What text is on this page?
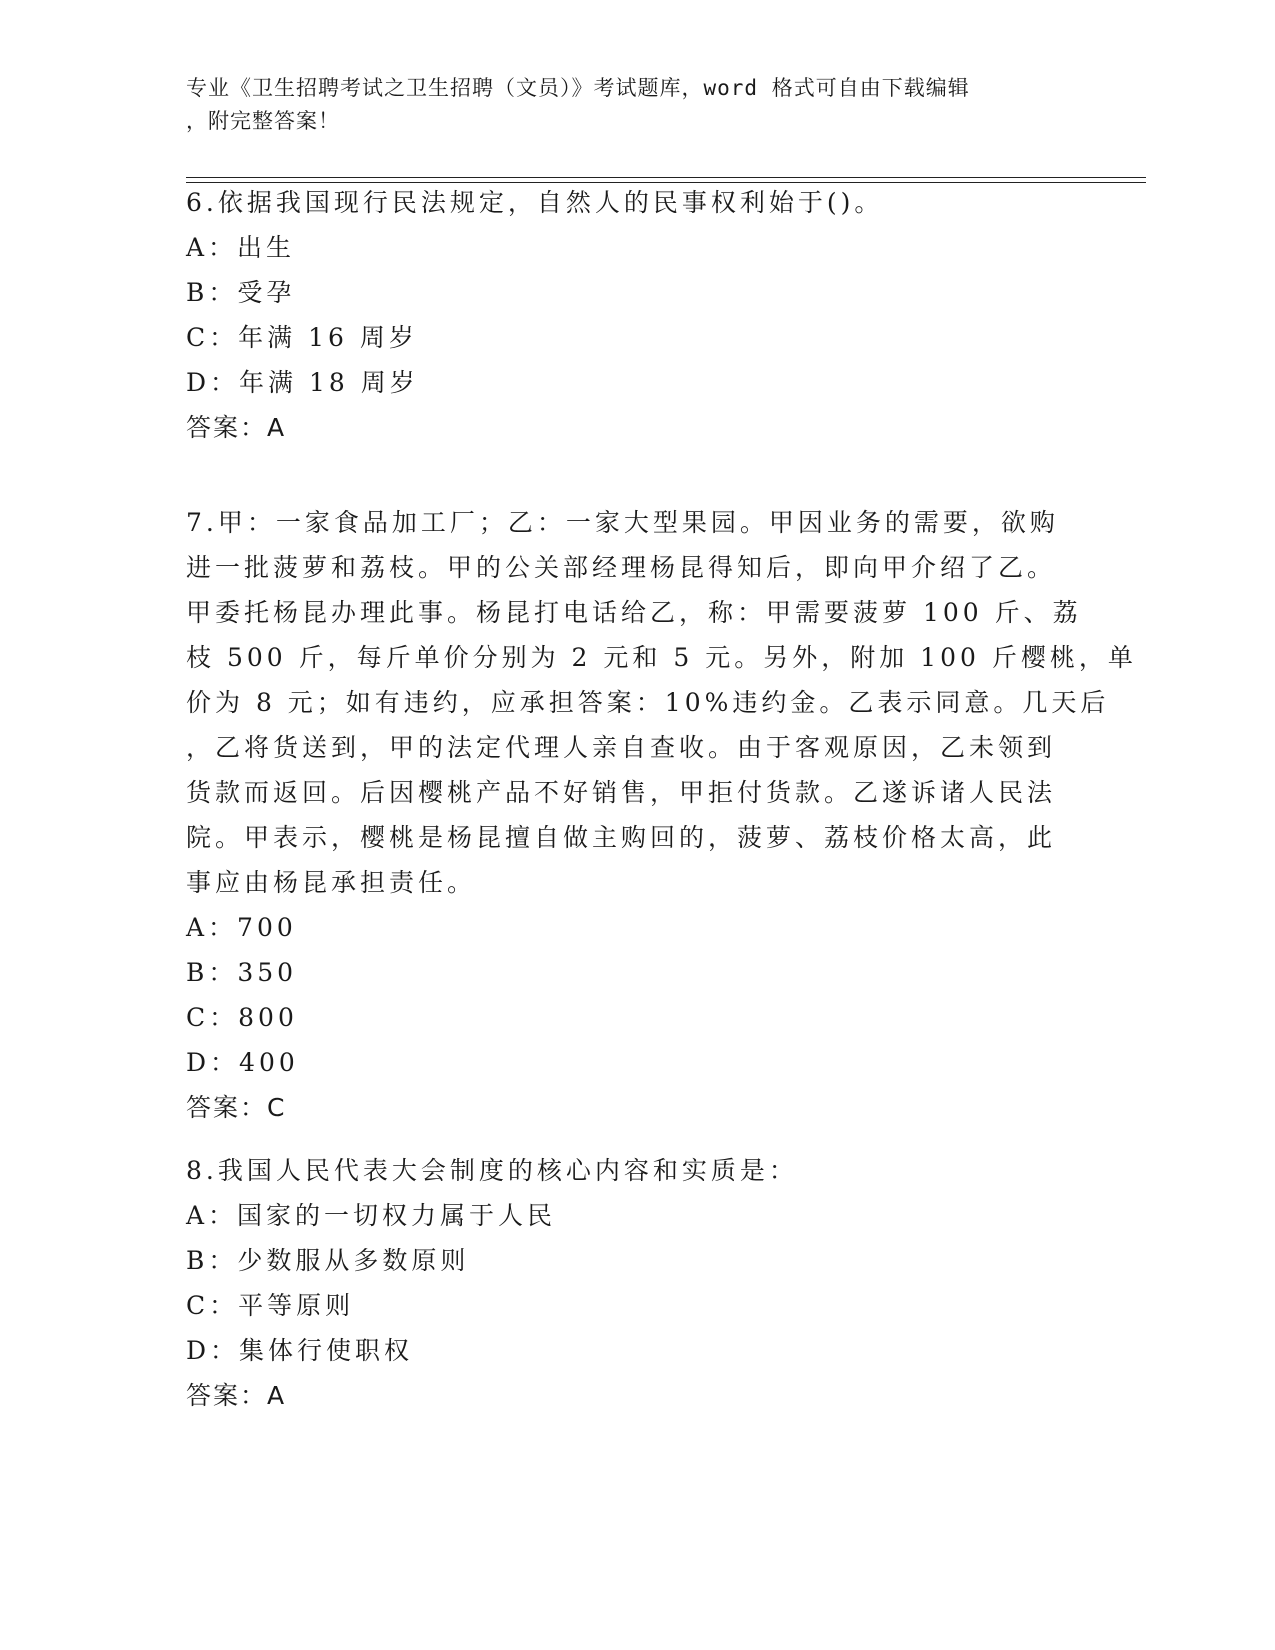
专业《卫生招聘考试之卫生招聘（文员）》考试题库，word 格式可自由下载编辑
，附完整答案！
6.依据我国现行民法规定，自然人的民事权利始于()。
A：出生
B：受孕
C：年满 16 周岁
D：年满 18 周岁
答案：A
7.甲：一家食品加工厂；乙：一家大型果园。甲因业务的需要，欲购
进一批菠萝和荔枝。甲的公关部经理杨昆得知后，即向甲介绍了乙。
甲委托杨昆办理此事。杨昆打电话给乙，称：甲需要菠萝 100 斤、荔
枝 500 斤，每斤单价分别为 2 元和 5 元。另外，附加 100 斤樱桃，单
价为 8 元；如有违约，应承担答案：10%违约金。乙表示同意。几天后
，乙将货送到，甲的法定代理人亲自查收。由于客观原因，乙未领到
货款而返回。后因樱桃产品不好销售，甲拒付货款。乙遂诉诸人民法
院。甲表示，樱桃是杨昆擅自做主购回的，菠萝、荔枝价格太高，此
事应由杨昆承担责任。
A：700
B：350
C：800
D：400
答案：C
8.我国人民代表大会制度的核心内容和实质是：
A：国家的一切权力属于人民
B：少数服从多数原则
C：平等原则
D：集体行使职权
答案：A
